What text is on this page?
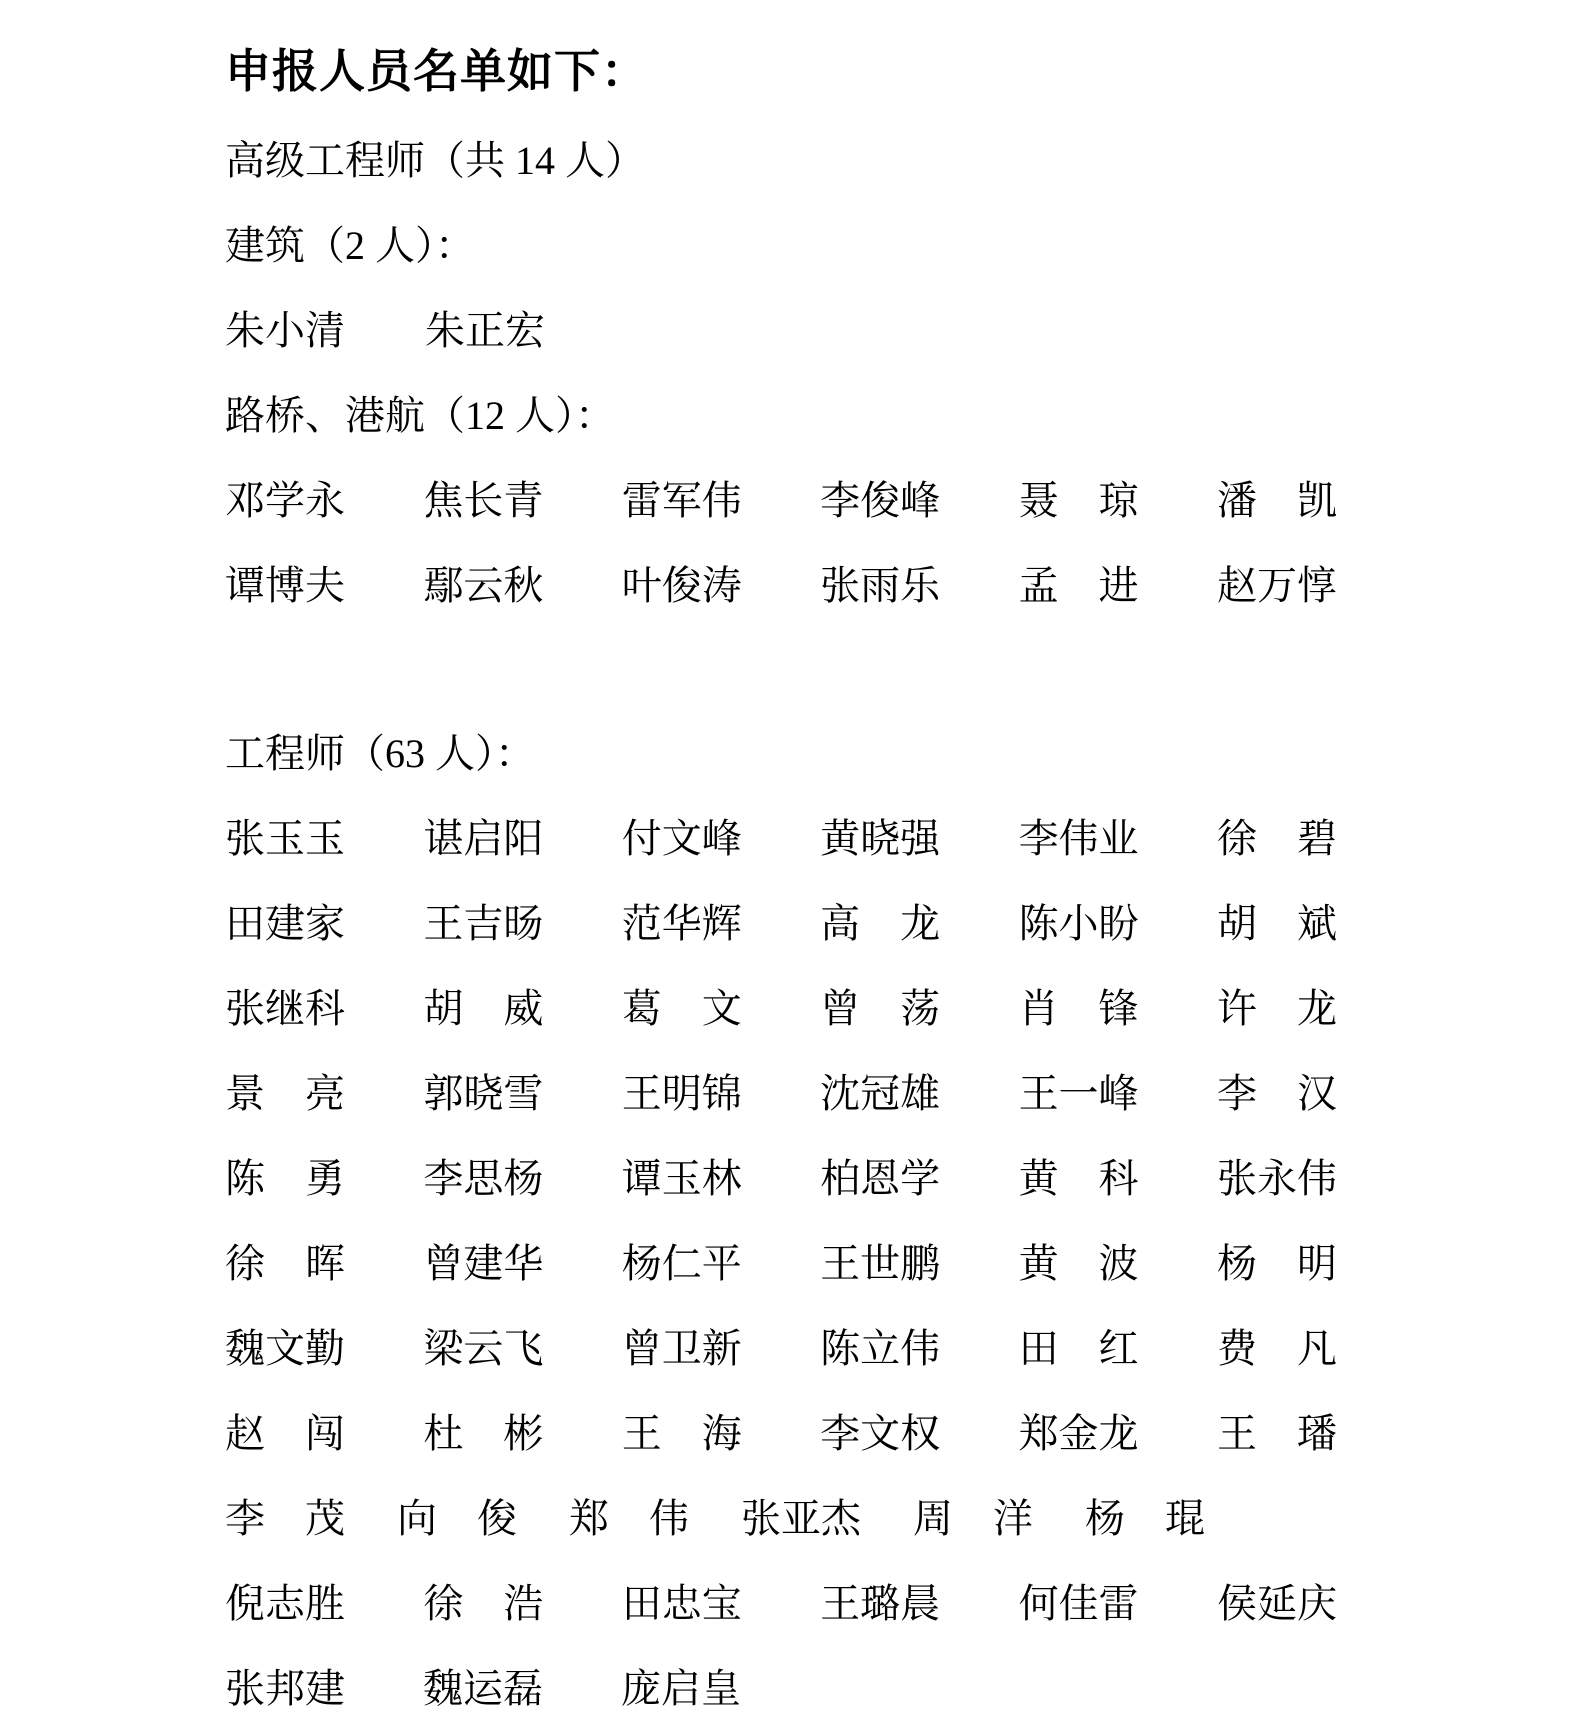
申报人员名单如下：
高级工程师（共 14 人）
建筑（2 人）：
朱小清 朱正宏
路桥、港航（12 人）：
邓学永 焦长青 雷军伟 李俊峰 聂　琼 潘　凯
谭博夫 鄢云秋 叶俊涛 张雨乐 孟　进 赵万惇
工程师（63 人）：
张玉玉 谌启阳 付文峰 黄晓强 李伟业 徐　碧
田建家 王吉旸 范华辉 高　龙 陈小盼 胡　斌
张继科 胡　威 葛　文 曾　荡 肖　锋 许　龙
景　亮 郭晓雪 王明锦 沈冠雄 王一峰 李　汉
陈　勇 李思杨 谭玉林 柏恩学 黄　科 张永伟
徐　晖 曾建华 杨仁平 王世鹏 黄　波 杨　明
魏文勤 梁云飞 曾卫新 陈立伟 田　红 费　凡
赵　闯 杜　彬 王　海 李文权 郑金龙 王　璠
李　茂 向　俊 郑　伟 张亚杰 周　洋 杨　琨
倪志胜 徐　浩 田忠宝 王璐晨 何佳雷 侯延庆
张邦建 魏运磊 庞启皇
